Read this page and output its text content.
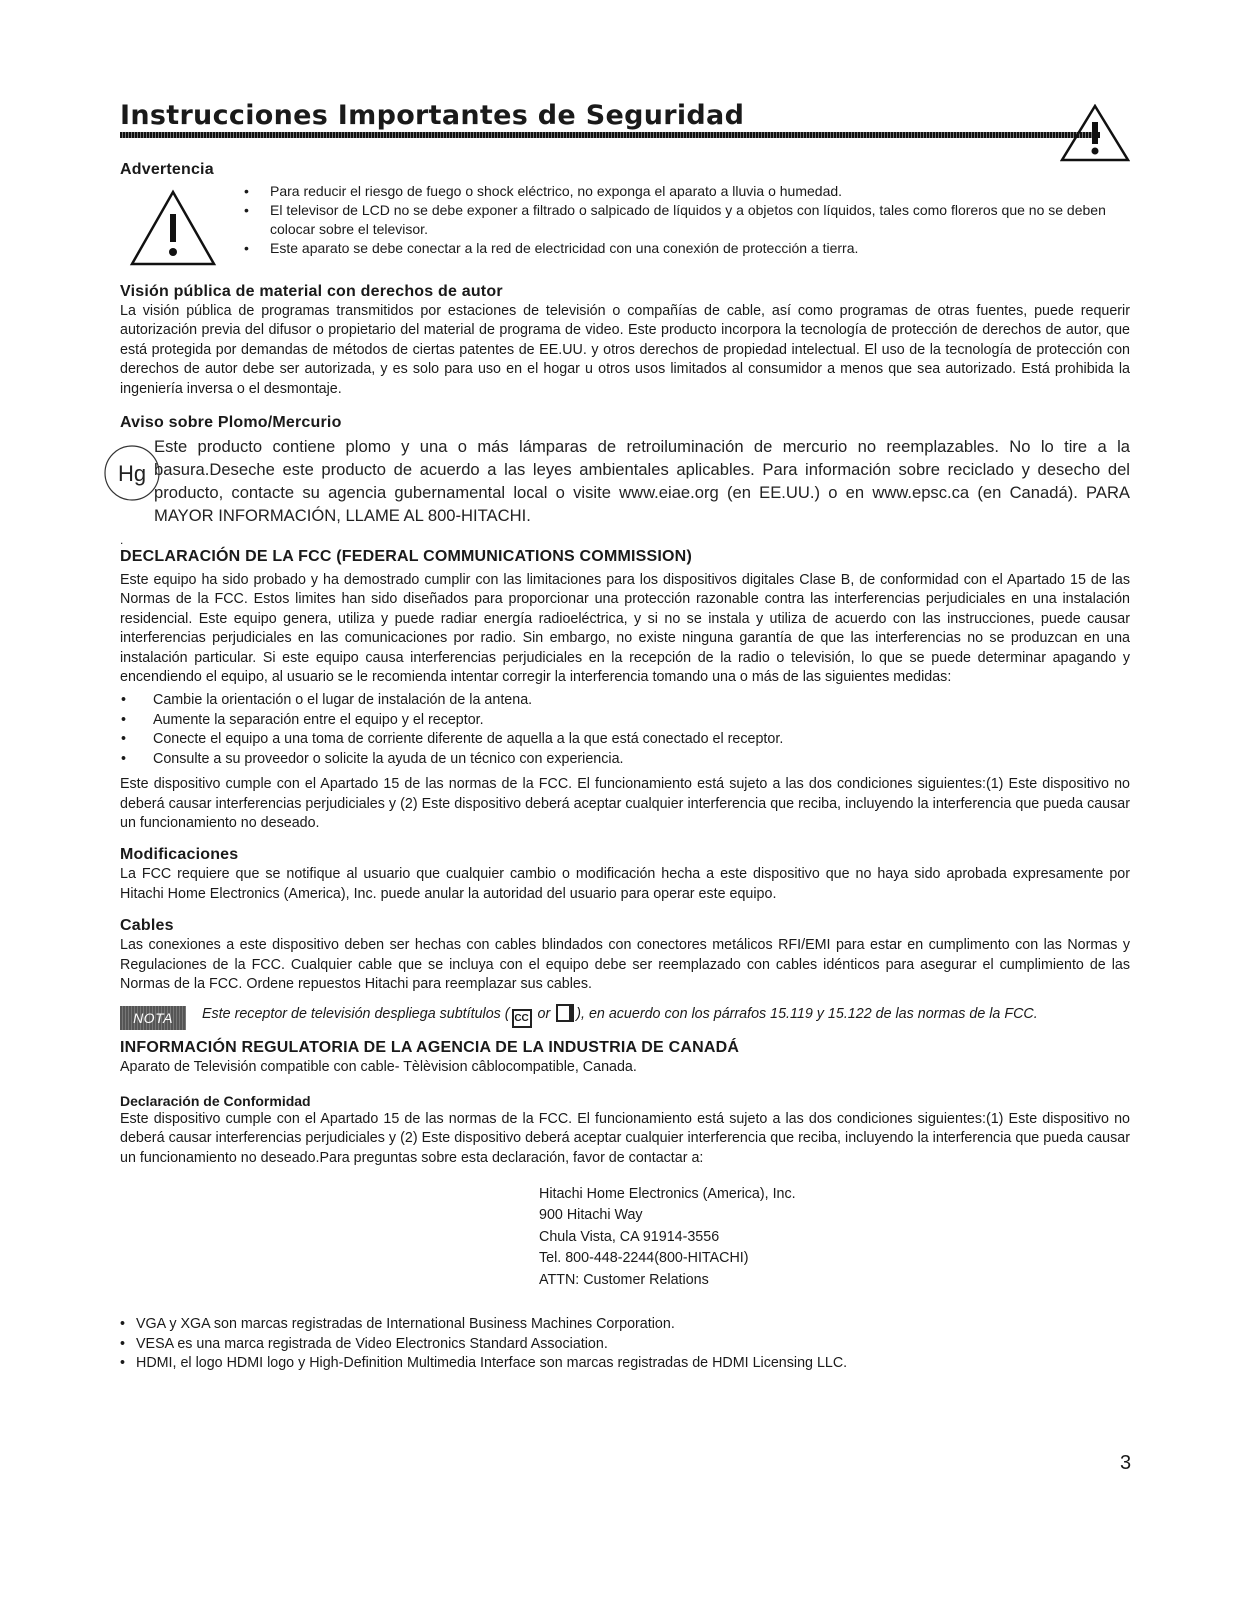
Instrucciones Importantes de Seguridad
Advertencia
• Para reducir el riesgo de fuego o shock eléctrico, no exponga el aparato a lluvia o humedad.
• El televisor de LCD no se debe exponer a filtrado o salpicado de líquidos y a objetos con líquidos, tales como floreros que no se deben colocar sobre el televisor.
• Este aparato se debe conectar a la red de electricidad con una conexión de protección a tierra.
Visión pública de material con derechos de autor

La visión pública de programas transmitidos por estaciones de televisión o compañías de cable, así como programas de otras fuentes, puede requerir autorización previa del difusor o propietario del material de programa de video. Este producto incorpora la tecnología de protección de derechos de autor, que está protegida por demandas de métodos de ciertas patentes de EE.UU. y otros derechos de propiedad intelectual. El uso de la tecnología de protección con derechos de autor debe ser autorizada, y es solo para uso en el hogar u otros usos limitados al consumidor a menos que sea autorizado. Está prohibida la ingeniería inversa o el desmontaje.

Aviso sobre Plomo/Mercurio
Hg
Este producto contiene plomo y una o más lámparas de retroiluminación de mercurio no reemplazables. No lo tire a la basura.Deseche este producto de acuerdo a las leyes ambientales aplicables. Para información sobre reciclado y desecho del producto, contacte su agencia gubernamental local o visite www.eiae.org (en EE.UU.) o en www.epsc.ca (en Canadá). PARA MAYOR INFORMACIÓN, LLAME AL 800-HITACHI.
.
DECLARACIÓN DE LA FCC (FEDERAL COMMUNICATIONS COMMISSION)

Este equipo ha sido probado y ha demostrado cumplir con las limitaciones para los dispositivos digitales Clase B, de conformidad con el Apartado 15 de las Normas de la FCC. Estos limites han sido diseñados para proporcionar una protección razonable contra las interferencias perjudiciales en una instalación residencial. Este equipo genera, utiliza y puede radiar energía radioeléctrica, y si no se instala y utiliza de acuerdo con las instrucciones, puede causar interferencias perjudiciales en las comunicaciones por radio. Sin embargo, no existe ninguna garantía de que las interferencias no se produzcan en una instalación particular. Si este equipo causa interferencias perjudiciales en la recepción de la radio o televisión, lo que se puede determinar apagando y encendiendo el equipo, al usuario se le recomienda intentar corregir la interferencia tomando una o más de las siguientes medidas:

• Cambie la orientación o el lugar de instalación de la antena.
• Aumente la separación entre el equipo y el receptor.
• Conecte el equipo a una toma de corriente diferente de aquella a la que está conectado el receptor.
• Consulte a su proveedor o solicite la ayuda de un técnico con experiencia.

Este dispositivo cumple con el Apartado 15 de las normas de la FCC. El funcionamiento está sujeto a las dos condiciones siguientes:(1) Este dispositivo no deberá causar interferencias perjudiciales y (2) Este dispositivo deberá aceptar cualquier interferencia que reciba, incluyendo la interferencia que pueda causar un funcionamiento no deseado.

Modificaciones

La FCC requiere que se notifique al usuario que cualquier cambio o modificación hecha a este dispositivo que no haya sido aprobada expresamente por Hitachi Home Electronics (America), Inc. puede anular la autoridad del usuario para operar este equipo.

Cables

Las conexiones a este dispositivo deben ser hechas con cables blindados con conectores metálicos RFI/EMI para estar en cumplimento con las Normas y Regulaciones de la FCC. Cualquier cable que se incluya con el equipo debe ser reemplazado con cables idénticos para asegurar el cumplimiento de las Normas de la FCC. Ordene repuestos Hitachi para reemplazar sus cables.

NOTA	Este receptor de televisión despliega subtítulos ( CC or ), en acuerdo con los párrafos 15.119 y 15.122 de las normas de la FCC.
INFORMACIÓN REGULATORIA DE LA AGENCIA DE LA INDUSTRIA DE CANADÁ

Aparato de Televisión compatible con cable- Tèlèvision câblocompatible, Canada.

Declaración de Conformidad

Este dispositivo cumple con el Apartado 15 de las normas de la FCC. El funcionamiento está sujeto a las dos condiciones siguientes:(1) Este dispositivo no deberá causar interferencias perjudiciales y (2) Este dispositivo deberá aceptar cualquier interferencia que reciba, incluyendo la interferencia que pueda causar un funcionamiento no deseado.Para preguntas sobre esta declaración, favor de contactar a:

Hitachi Home Electronics (America), Inc.
900 Hitachi Way
Chula Vista, CA 91914-3556
Tel. 800-448-2244(800-HITACHI)
ATTN: Customer Relations
• VGA y XGA son marcas registradas de International Business Machines Corporation.
• VESA es una marca registrada de Video Electronics Standard Association.
• HDMI, el logo HDMI logo y High-Definition Multimedia Interface son marcas registradas de HDMI Licensing LLC.
3
